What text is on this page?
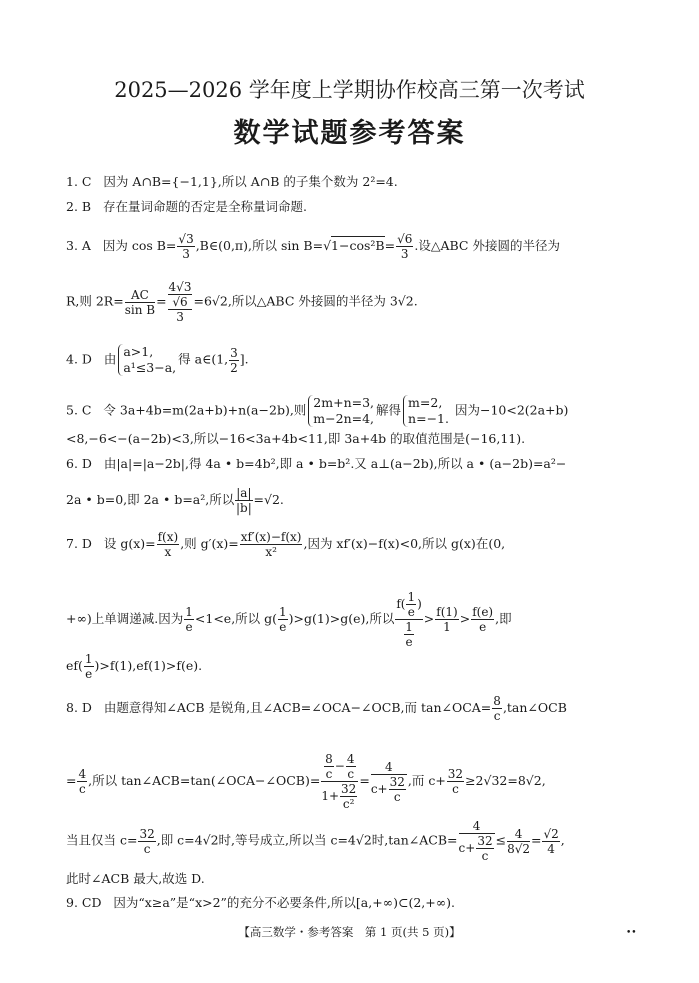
2025—2026 学年度上学期协作校高三第一次考试
数学试题参考答案
1. C 因为 A∩B={−1,1},所以 A∩B 的子集个数为 2²=4.
2. B 存在量词命题的否定是全称量词命题.
3. A 因为 $\cos B= \frac{√3}{3}$ ,B∈(0,π),所以 $\sin B=√1-\cos^2B= \frac{√6}{3}$ .设△ABC 外接圆的半径为
R,则 $2R= \frac{AC}{\text{sin B}}$ =
4√3
√6
3
=6√2,所以△ABC 外接圆的半径为 3√2.
4. D 由 a>1,
a¹≤3−a,
得 a∈(1, $\frac{3}{2}$ ].
5. C 令 3a+4b=m(2a+b)+n(a−2b),则 2m+n=3,
m−2n=4,
解得 m=2,
n=−1.
因为−10<2(2a+b)
<8,−6<−(a−2b)<3,所以−16<3a+4b<11,即 3a+4b 的取值范围是(−16,11).
6. D 由|a|=|a−2b|,得 4a • b=4b²,即 a • b=b².又 a⊥(a−2b),所以 a • (a−2b)=a²−
2a • b=0,即 2a • b=a²,所以 $\frac{|a|}{|b|} =√2$.
7. D 设 $g(x)= \frac{f(x)}{x}$ ,则 $g'(x)= \frac{xf'(x)-f(x)}{\text{x²}}$ ,因为 xf′(x)−f(x)<0,所以 g(x)在(0,
+∞)上单调递减.因为 $\frac{1}{e} <1<e$,所以 $g( \frac{1}{e} )>g(1)>g(e)$,所以 $\frac{f( \frac{1}{e} )}{\frac{1}{e}} > \frac{f(1)}{1} > \frac{f(e)}{e}$ ,即
$ef( \frac{1}{e} )>f(1),ef(1)>f(e)$.
8. D 由题意得知∠ACB 是锐角,且∠ACB=∠OCA−∠OCB,而 tan∠OCA= $\frac{8}{c}$ ,tan∠OCB
= $\frac{4}{c}$ ,所以 tan∠ACB=tan(∠OCA−∠OCB)= $\frac{\frac{8}{c} - \frac{4}{c}}{1+ \frac{32}{\text{c²}}} = \frac{4}{c+ \frac{32}{c}}$ ,而 $c+ \frac{32}{c} \ge 2√32=8√2$,
当且仅当 $c= \frac{32}{c}$ ,即 c=4√2时,等号成立,所以当 c=4√2时,tan∠ACB= $\frac{4}{c+ \frac{32}{c}} \le \frac{4}{8√2} = \frac{√2}{4}$ ,
此时∠ACB 最大,故选 D.
9. CD 因为“x≥a”是“x>2”的充分不必要条件,所以[a,+∞)⊂(2,+∞).
【高三数学・参考答案　第 1 页(共 5 页)】	••
